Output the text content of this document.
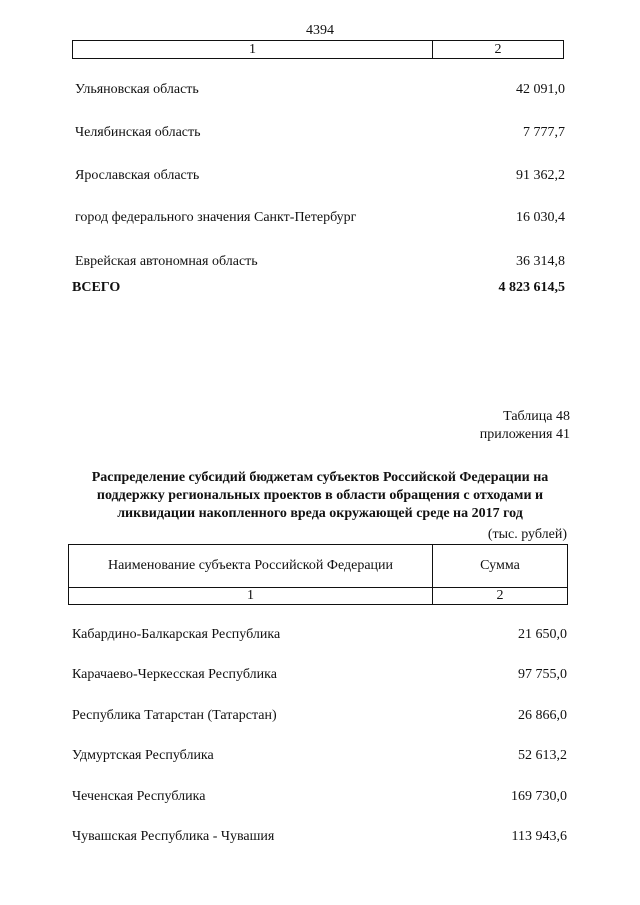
4394
1	2
Ульяновская область	42 091,0
Челябинская область	7 777,7
Ярославская область	91 362,2
город федерального значения Санкт-Петербург	16 030,4
Еврейская автономная область	36 314,8
ВСЕГО	4 823 614,5
Таблица 48
приложения 41
Распределение субсидий бюджетам субъектов Российской Федерации на
поддержку региональных проектов в области обращения с отходами и
ликвидации накопленного вреда окружающей среде на 2017 год
(тыс. рублей)
Наименование субъекта Российской Федерации	Сумма
1	2
Кабардино-Балкарская Республика	21 650,0
Карачаево-Черкесская Республика	97 755,0
Республика Татарстан (Татарстан)	26 866,0
Удмуртская Республика	52 613,2
Чеченская Республика	169 730,0
Чувашская Республика - Чувашия	113 943,6
